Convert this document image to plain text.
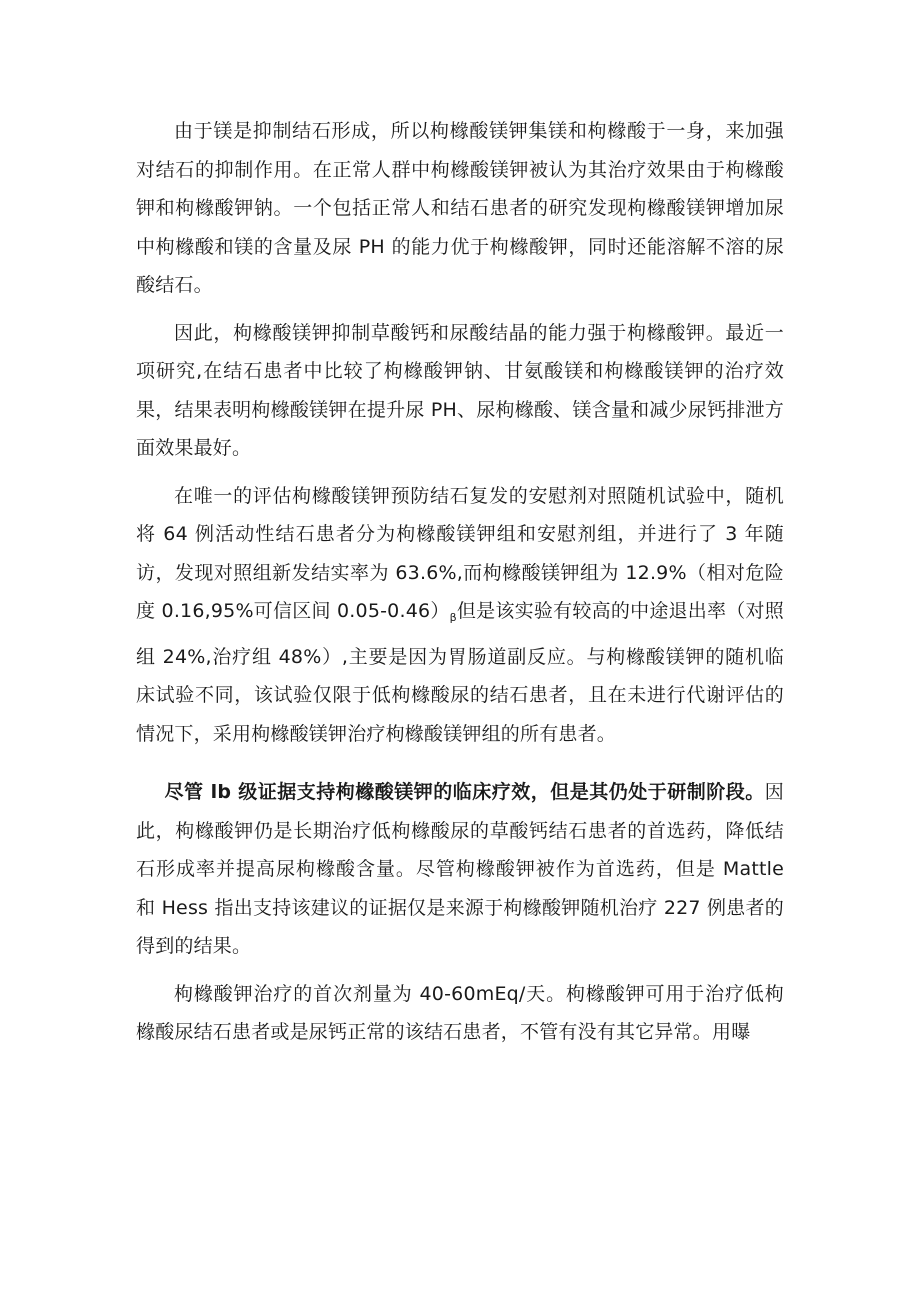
由于镁是抑制结石形成，所以枸橼酸镁钾集镁和枸橼酸于一身，来加强对结石的抑制作用。在正常人群中枸橼酸镁钾被认为其治疗效果由于枸橼酸钾和枸橼酸钾钠。一个包括正常人和结石患者的研究发现枸橼酸镁钾增加尿中枸橼酸和镁的含量及尿 PH 的能力优于枸橼酸钾，同时还能溶解不溶的尿酸结石。

因此，枸橼酸镁钾抑制草酸钙和尿酸结晶的能力强于枸橼酸钾。最近一项研究,在结石患者中比较了枸橼酸钾钠、甘氨酸镁和枸橼酸镁钾的治疗效果，结果表明枸橼酸镁钾在提升尿 PH、尿枸橼酸、镁含量和减少尿钙排泄方面效果最好。

在唯一的评估枸橼酸镁钾预防结石复发的安慰剂对照随机试验中，随机将 64 例活动性结石患者分为枸橼酸镁钾组和安慰剂组，并进行了 3 年随访，发现对照组新发结实率为 63.6%,而枸橼酸镁钾组为 12.9%（相对危险度 0.16,95%可信区间 $0.05-0.46)_\beta$但是该实验有较高的中途退出率（对照组 24%,治疗组 48%）,主要是因为胃肠道副反应。与枸橼酸镁钾的随机临床试验不同，该试验仅限于低枸橼酸尿的结石患者，且在未进行代谢评估的情况下，采用枸橼酸镁钾治疗枸橼酸镁钾组的所有患者。

尽管 lb 级证据支持枸橼酸镁钾的临床疗效，但是其仍处于研制阶段。因此，枸橼酸钾仍是长期治疗低枸橼酸尿的草酸钙结石患者的首选药，降低结石形成率并提高尿枸橼酸含量。尽管枸橼酸钾被作为首选药，但是 Mattle 和 Hess 指出支持该建议的证据仅是来源于枸橼酸钾随机治疗 227 例患者的得到的结果。

枸橼酸钾治疗的首次剂量为 40-60mEq/天。枸橼酸钾可用于治疗低枸橼酸尿结石患者或是尿钙正常的该结石患者，不管有没有其它异常。用曝
